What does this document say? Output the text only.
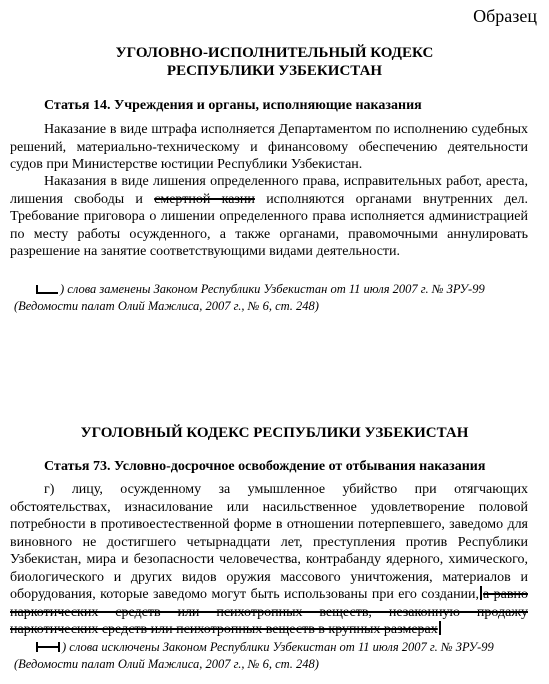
Образец
УГОЛОВНО-ИСПОЛНИТЕЛЬНЫЙ КОДЕКС
РЕСПУБЛИКИ УЗБЕКИСТАН
Статья 14. Учреждения и органы, исполняющие наказания
Наказание в виде штрафа исполняется Департаментом по исполнению судебных решений, материально-техническому и финансовому обеспечению деятельности судов при Министерстве юстиции Республики Узбекистан.
Наказания в виде лишения определенного права, исправительных работ, ареста, лишения свободы и смертной казни исполняются органами внутренних дел. Требование приговора о лишении определенного права исполняется администрацией по месту работы осужденного, а также органами, правомочными аннулировать разрешение на занятие соответствующими видами деятельности.
) слова заменены Законом Республики Узбекистан от 11 июля 2007 г. № ЗРУ-99
(Ведомости палат Олий Мажлиса, 2007 г., № 6, ст. 248)
УГОЛОВНЫЙ КОДЕКС РЕСПУБЛИКИ УЗБЕКИСТАН
Статья 73. Условно-досрочное освобождение от отбывания наказания
г) лицу, осужденному за умышленное убийство при отягчающих обстоятельствах, изнасилование или насильственное удовлетворение половой потребности в противоестественной форме в отношении потерпевшего, заведомо для виновного не достигшего четырнадцати лет, преступления против Республики Узбекистан, мира и безопасности человечества, контрабанду ядерного, химического, биологического и других видов оружия массового уничтожения, материалов и оборудования, которые заведомо могут быть использованы при его создании, а равно наркотических средств или психотропных веществ, незаконную продажу наркотических средств или психотропных веществ в крупных размерах
) слова исключены Законом Республики Узбекистан от 11 июля 2007 г. № ЗРУ-99
(Ведомости палат Олий Мажлиса, 2007 г., № 6, ст. 248)
